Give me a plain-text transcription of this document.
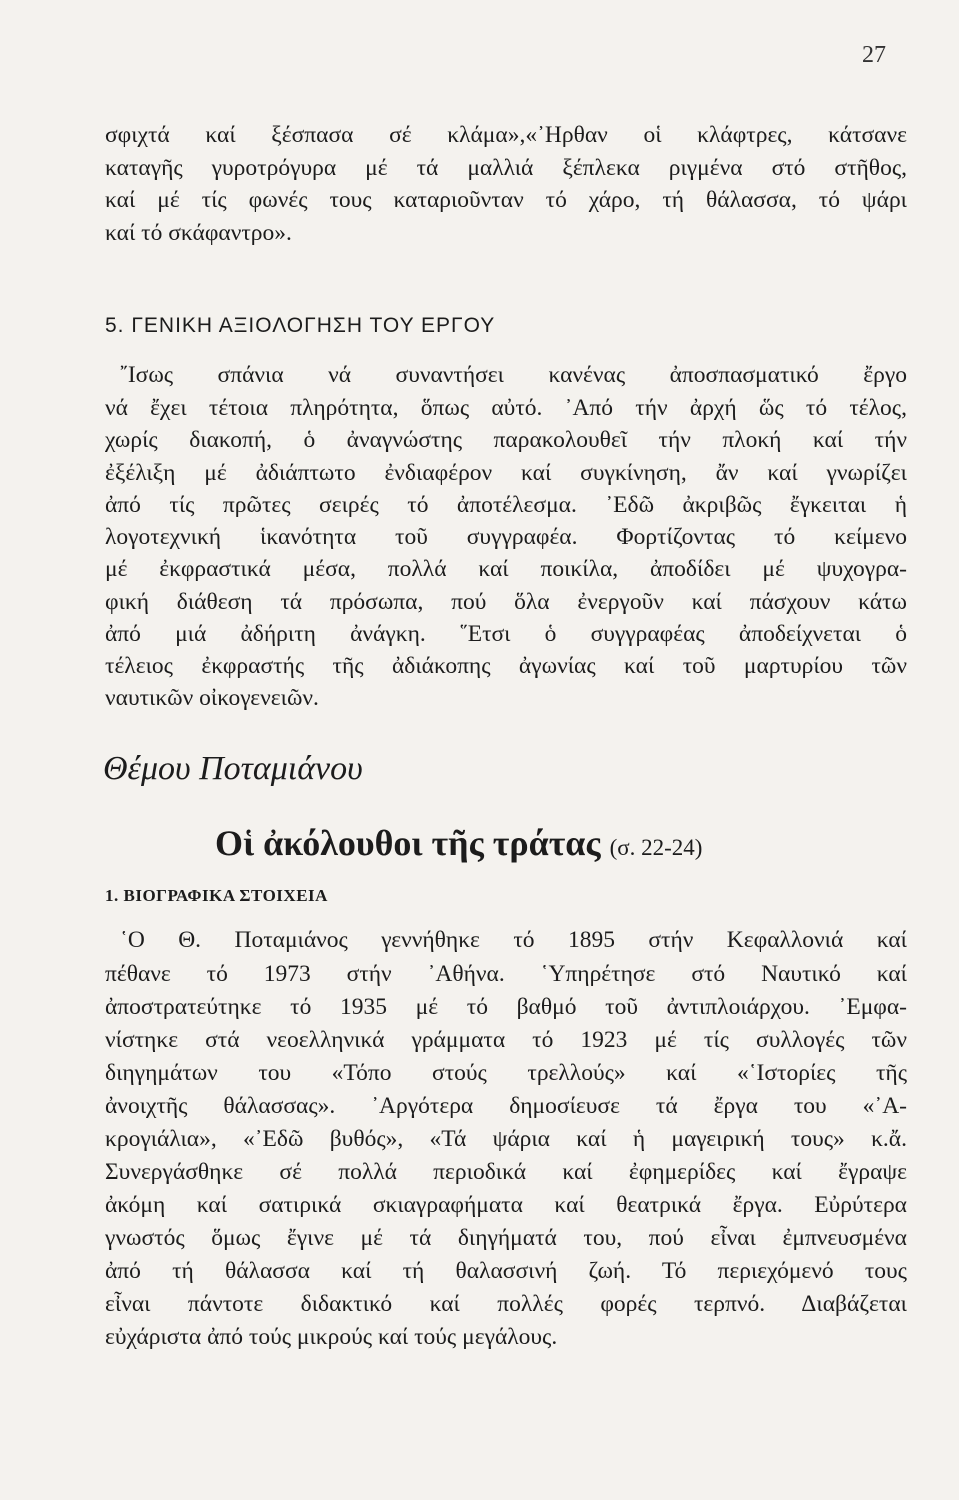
27
σφιχτά καί ξέσπασα σέ κλάμα»,«᾽Ηρθαν οἱ κλάφτρες, κάτσανε
καταγῆς γυροτρόγυρα μέ τά μαλλιά ξέπλεκα ριγμένα στό στῆθος,
καί μέ τίς φωνές τους καταριοῦνταν τό χάρο, τή θάλασσα, τό ψάρι
καί τό σκάφαντρο».
5. ΓΕΝΙΚΗ ΑΞΙΟΛΟΓΗΣΗ ΤΟΥ ΕΡΓΟΥ
῎Ισως σπάνια νά συναντήσει κανένας ἀποσπασματικό ἔργο
νά ἔχει τέτοια πληρότητα, ὅπως αὐτό. ᾽Από τήν ἀρχή ὥς τό τέλος,
χωρίς διακοπή, ὁ ἀναγνώστης παρακολουθεῖ τήν πλοκή καί τήν
ἐξέλιξη μέ ἀδιάπτωτο ἐνδιαφέρον καί συγκίνηση, ἄν καί γνωρίζει
ἀπό τίς πρῶτες σειρές τό ἀποτέλεσμα. ᾽Εδῶ ἀκριβῶς ἔγκειται ἡ
λογοτεχνική ἱκανότητα τοῦ συγγραφέα. Φορτίζοντας τό κείμενο
μέ ἐκφραστικά μέσα, πολλά καί ποικίλα, ἀποδίδει μέ ψυχογρα-
φική διάθεση τά πρόσωπα, πού ὅλα ἐνεργοῦν καί πάσχουν κάτω
ἀπό μιά ἀδήριτη ἀνάγκη. ῞Ετσι ὁ συγγραφέας ἀποδείχνεται ὁ
τέλειος ἐκφραστής τῆς ἀδιάκοπης ἀγωνίας καί τοῦ μαρτυρίου τῶν
ναυτικῶν οἰκογενειῶν.
Θέμου Ποταμιάνου
Οἱ ἀκόλουθοι τῆς τράτας (σ. 22-24)
1. ΒΙΟΓΡΑΦΙΚΑ ΣΤΟΙΧΕΙΑ
῾Ο Θ. Ποταμιάνος γεννήθηκε τό 1895 στήν Κεφαλλονιά καί
πέθανε τό 1973 στήν ᾽Αθήνα. ῾Υπηρέτησε στό Ναυτικό καί
ἀποστρατεύτηκε τό 1935 μέ τό βαθμό τοῦ ἀντιπλοιάρχου. ᾽Εμφα-
νίστηκε στά νεοελληνικά γράμματα τό 1923 μέ τίς συλλογές τῶν
διηγημάτων του «Τόπο στούς τρελλούς» καί «῾Ιστορίες τῆς
ἀνοιχτῆς θάλασσας». ᾽Αργότερα δημοσίευσε τά ἔργα του «᾽Α-
κρογιάλια», «᾽Εδῶ βυθός», «Τά ψάρια καί ἡ μαγειρική τους» κ.ἄ.
Συνεργάσθηκε σέ πολλά περιοδικά καί ἐφημερίδες καί ἔγραψε
ἀκόμη καί σατιρικά σκιαγραφήματα καί θεατρικά ἔργα. Εὐρύτερα
γνωστός ὅμως ἔγινε μέ τά διηγήματά του, πού εἶναι ἐμπνευσμένα
ἀπό τή θάλασσα καί τή θαλασσινή ζωή. Τό περιεχόμενό τους
εἶναι πάντοτε διδακτικό καί πολλές φορές τερπνό. Διαβάζεται
εὐχάριστα ἀπό τούς μικρούς καί τούς μεγάλους.
